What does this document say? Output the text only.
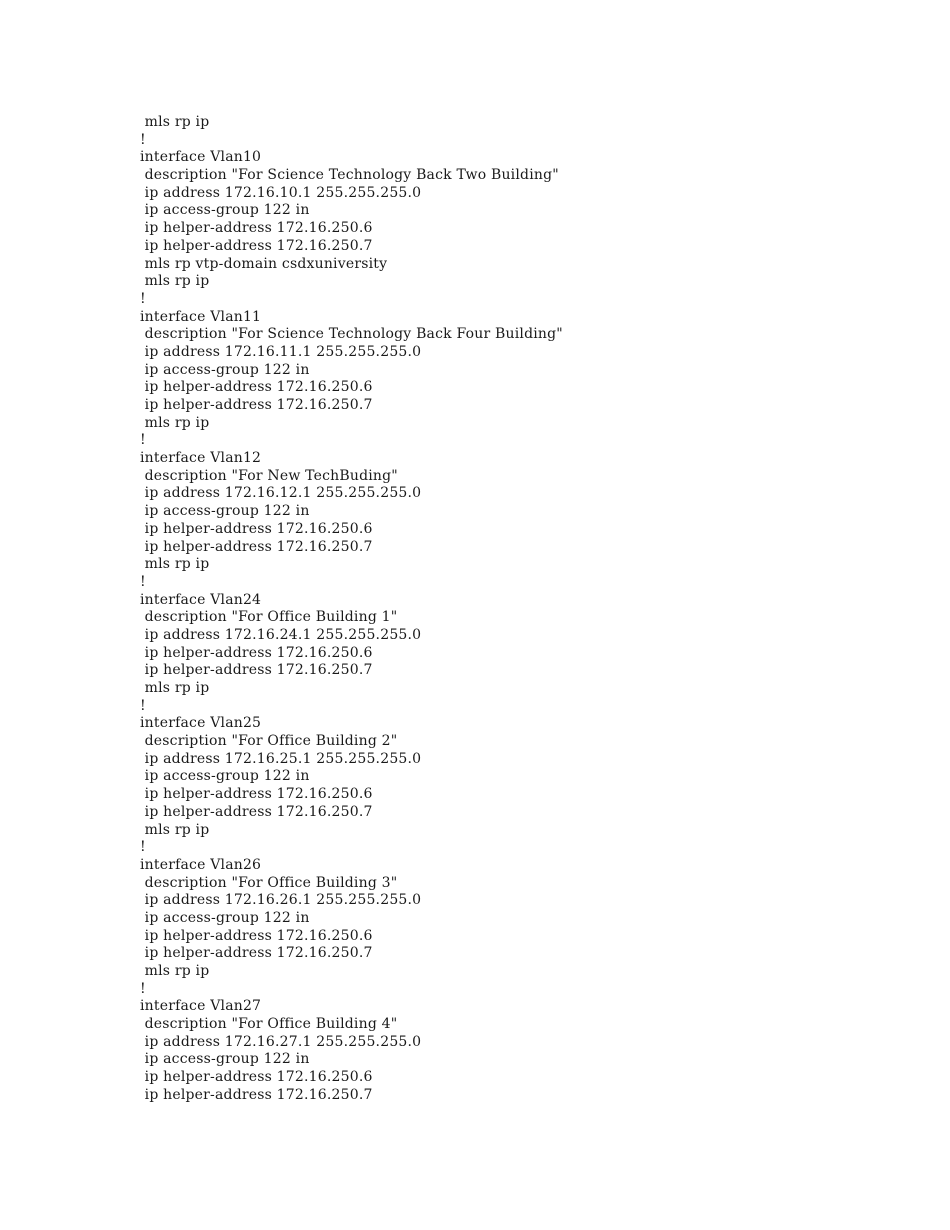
mls rp ip
!
interface Vlan10
description "For Science Technology Back Two Building"
ip address 172.16.10.1 255.255.255.0
ip access-group 122 in
ip helper-address 172.16.250.6
ip helper-address 172.16.250.7
mls rp vtp-domain csdxuniversity
mls rp ip
!
interface Vlan11
description "For Science Technology Back Four Building"
ip address 172.16.11.1 255.255.255.0
ip access-group 122 in
ip helper-address 172.16.250.6
ip helper-address 172.16.250.7
mls rp ip
!
interface Vlan12
description "For New TechBuding"
ip address 172.16.12.1 255.255.255.0
ip access-group 122 in
ip helper-address 172.16.250.6
ip helper-address 172.16.250.7
mls rp ip
!
interface Vlan24
description "For Office Building 1"
ip address 172.16.24.1 255.255.255.0
ip helper-address 172.16.250.6
ip helper-address 172.16.250.7
mls rp ip
!
interface Vlan25
description "For Office Building 2"
ip address 172.16.25.1 255.255.255.0
ip access-group 122 in
ip helper-address 172.16.250.6
ip helper-address 172.16.250.7
mls rp ip
!
interface Vlan26
description "For Office Building 3"
ip address 172.16.26.1 255.255.255.0
ip access-group 122 in
ip helper-address 172.16.250.6
ip helper-address 172.16.250.7
mls rp ip
!
interface Vlan27
description "For Office Building 4"
ip address 172.16.27.1 255.255.255.0
ip access-group 122 in
ip helper-address 172.16.250.6
ip helper-address 172.16.250.7
